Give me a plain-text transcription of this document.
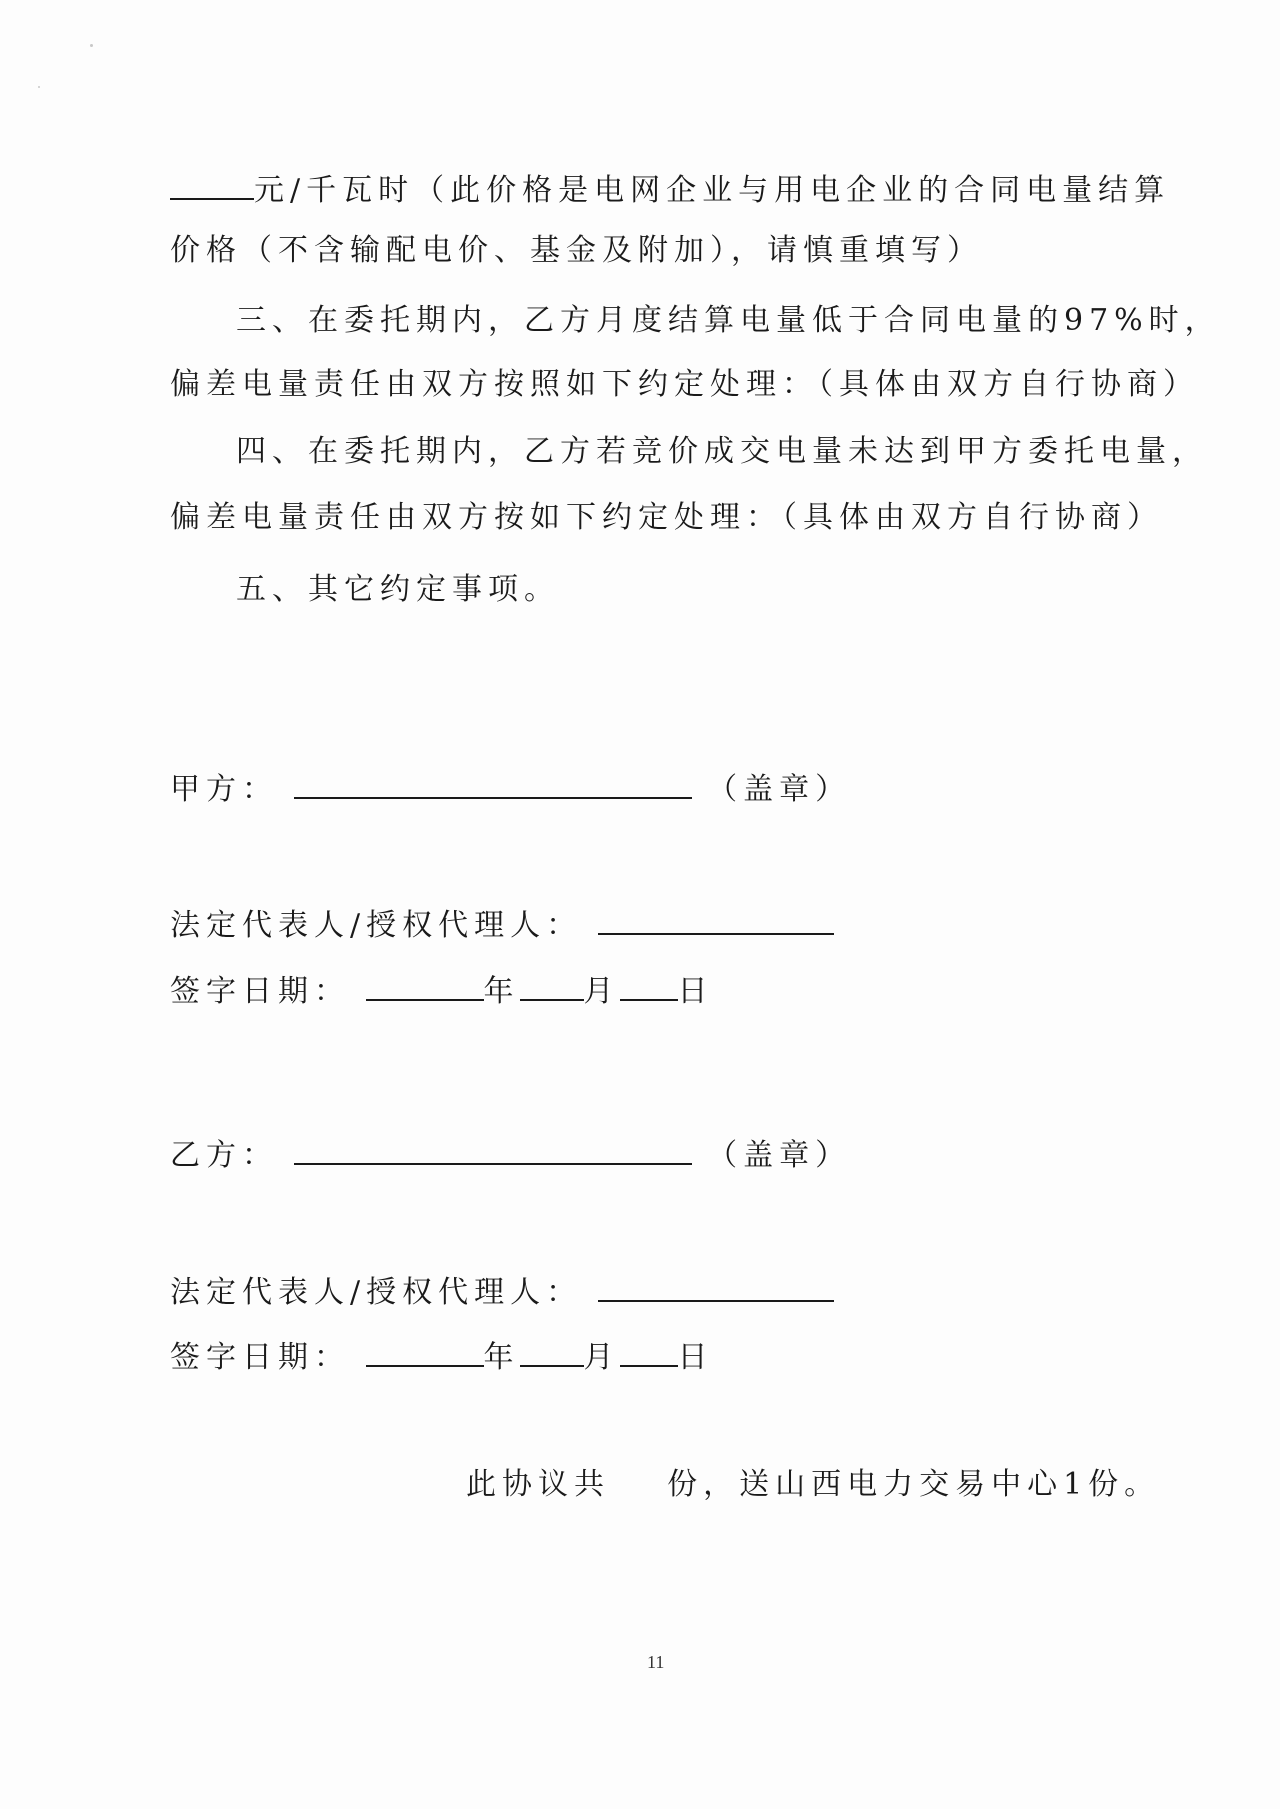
元/千瓦时（此价格是电网企业与用电企业的合同电量结算
价格（不含输配电价、基金及附加），请慎重填写）
三、在委托期内，乙方月度结算电量低于合同电量的97%时，
偏差电量责任由双方按照如下约定处理：（具体由双方自行协商）
四、在委托期内，乙方若竞价成交电量未达到甲方委托电量，
偏差电量责任由双方按如下约定处理：（具体由双方自行协商）
五、其它约定事项。
甲方：	（盖章）
法定代表人/授权代理人：
签字日期：	年 月 日
乙方：	（盖章）
法定代表人/授权代理人：
签字日期：	年 月 日
此协议共 份，送山西电力交易中心1份。
11
